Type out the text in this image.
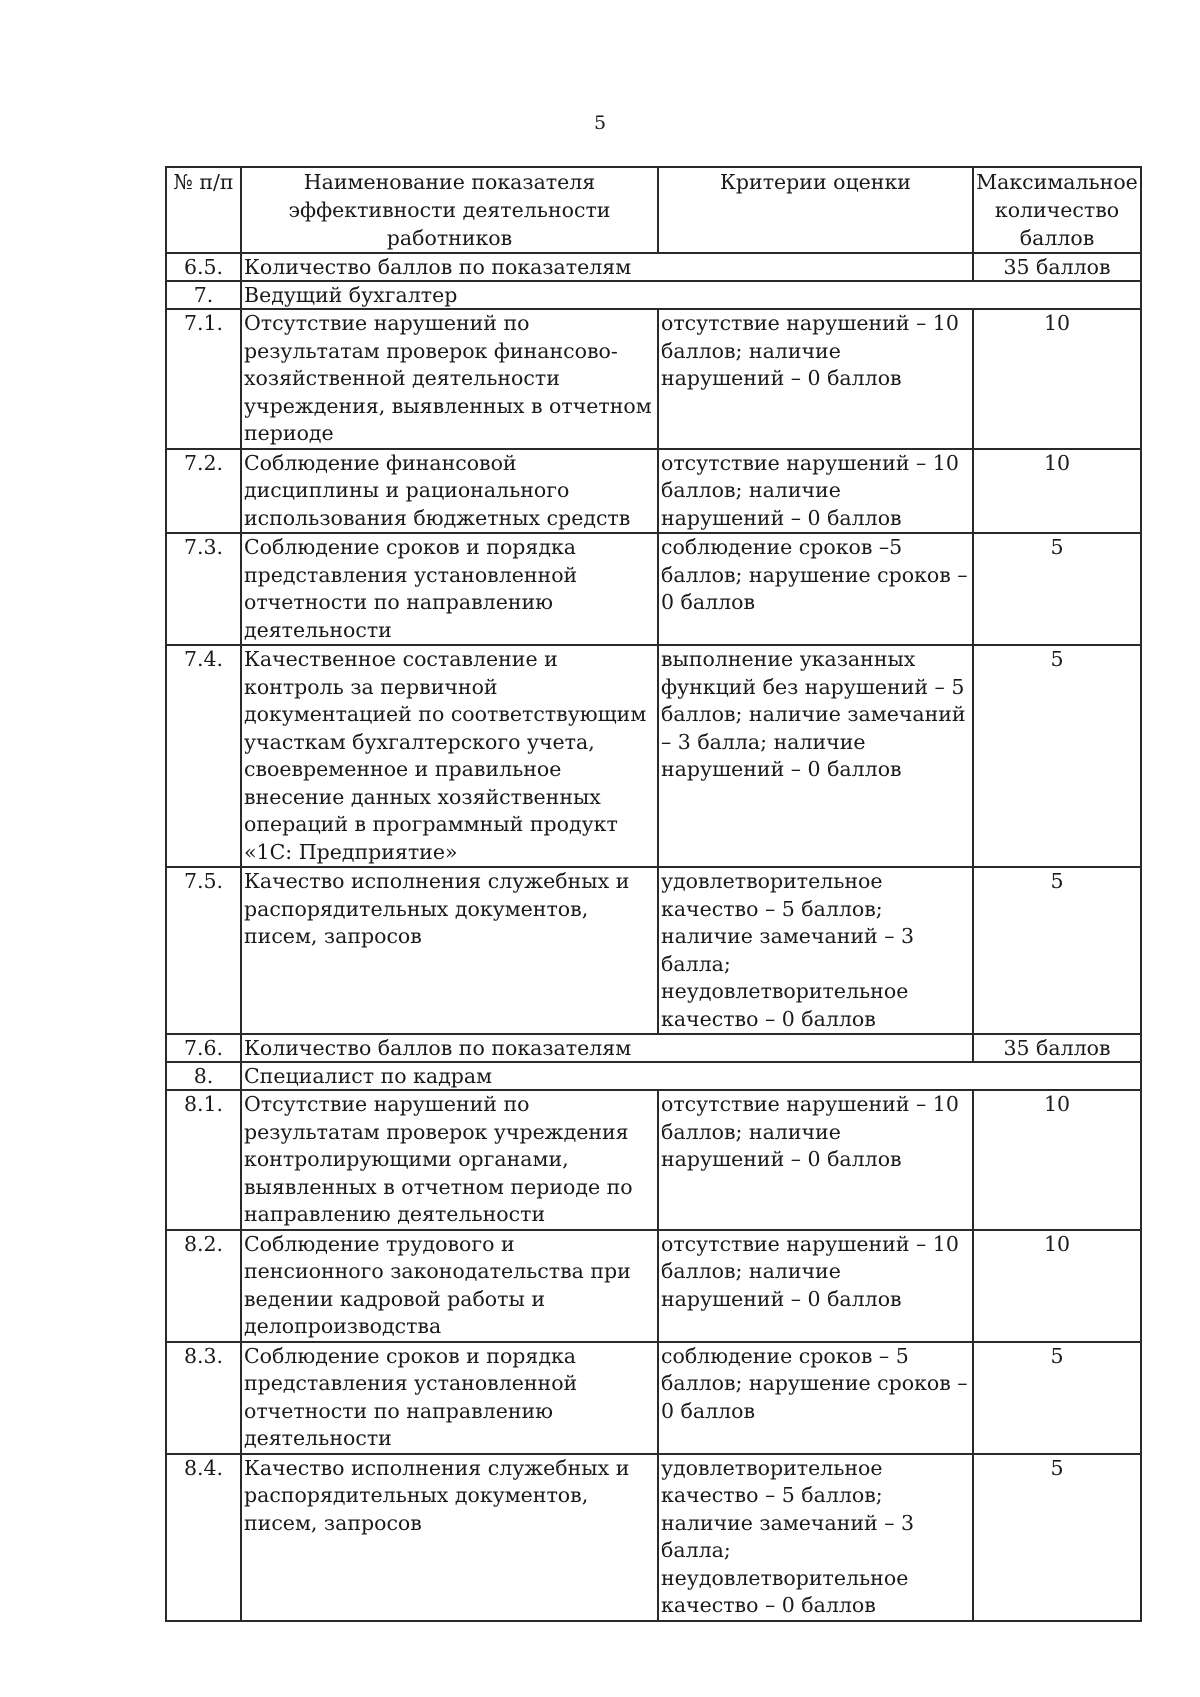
5
№ п/п	Наименование показателя эффективности деятельности работников	Критерии оценки	Максимальное количество баллов
6.5.	Количество баллов по показателям		35 баллов
7.	Ведущий бухгалтер		
7.1.	Отсутствие нарушений по результатам проверок финансово-хозяйственной деятельности учреждения, выявленных в отчетном периоде	отсутствие нарушений – 10 баллов; наличие нарушений – 0 баллов	10
7.2.	Соблюдение финансовой дисциплины и рационального использования бюджетных средств	отсутствие нарушений – 10 баллов; наличие нарушений – 0 баллов	10
7.3.	Соблюдение сроков и порядка представления установленной отчетности по направлению деятельности	соблюдение сроков –5 баллов; нарушение сроков – 0 баллов	5
7.4.	Качественное составление и контроль за первичной документацией по соответствующим участкам бухгалтерского учета, своевременное и правильное внесение данных хозяйственных операций в программный продукт «1С: Предприятие»	выполнение указанных функций без нарушений – 5 баллов; наличие замечаний – 3 балла; наличие нарушений – 0 баллов	5
7.5.	Качество исполнения служебных и распорядительных документов, писем, запросов	удовлетворительное качество – 5 баллов; наличие замечаний – 3 балла; неудовлетворительное качество – 0 баллов	5
7.6.	Количество баллов по показателям		35 баллов
8.	Специалист по кадрам		
8.1.	Отсутствие нарушений по результатам проверок учреждения контролирующими органами, выявленных в отчетном периоде по направлению деятельности	отсутствие нарушений – 10 баллов; наличие нарушений – 0 баллов	10
8.2.	Соблюдение трудового и пенсионного законодательства при ведении кадровой работы и делопроизводства	отсутствие нарушений – 10 баллов; наличие нарушений – 0 баллов	10
8.3.	Соблюдение сроков и порядка представления установленной отчетности по направлению деятельности	соблюдение сроков – 5 баллов; нарушение сроков – 0 баллов	5
8.4.	Качество исполнения служебных и распорядительных документов, писем, запросов	удовлетворительное качество – 5 баллов; наличие замечаний – 3 балла; неудовлетворительное качество – 0 баллов	5
